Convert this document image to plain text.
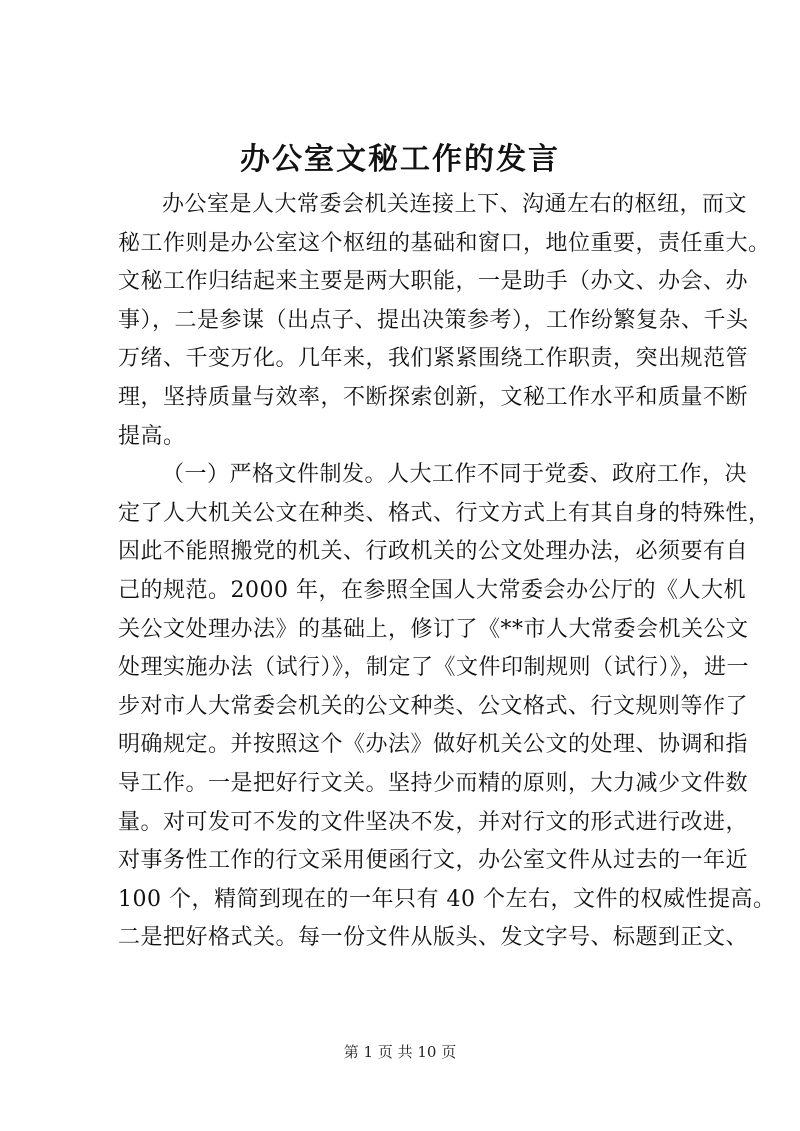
办公室文秘工作的发言
办公室是人大常委会机关连接上下、沟通左右的枢纽，而文
秘工作则是办公室这个枢纽的基础和窗口，地位重要，责任重大。
文秘工作归结起来主要是两大职能，一是助手（办文、办会、办
事），二是参谋（出点子、提出决策参考），工作纷繁复杂、千头
万绪、千变万化。几年来，我们紧紧围绕工作职责，突出规范管
理，坚持质量与效率，不断探索创新，文秘工作水平和质量不断
提高。
（一）严格文件制发。人大工作不同于党委、政府工作，决
定了人大机关公文在种类、格式、行文方式上有其自身的特殊性，
因此不能照搬党的机关、行政机关的公文处理办法，必须要有自
己的规范。2000 年，在参照全国人大常委会办公厅的《人大机
关公文处理办法》的基础上，修订了《**市人大常委会机关公文
处理实施办法（试行）》，制定了《文件印制规则（试行）》，进一
步对市人大常委会机关的公文种类、公文格式、行文规则等作了
明确规定。并按照这个《办法》做好机关公文的处理、协调和指
导工作。一是把好行文关。坚持少而精的原则，大力减少文件数
量。对可发可不发的文件坚决不发，并对行文的形式进行改进，
对事务性工作的行文采用便函行文，办公室文件从过去的一年近
100 个，精简到现在的一年只有 40 个左右，文件的权威性提高。
二是把好格式关。每一份文件从版头、发文字号、标题到正文、
第 1 页 共 10 页
